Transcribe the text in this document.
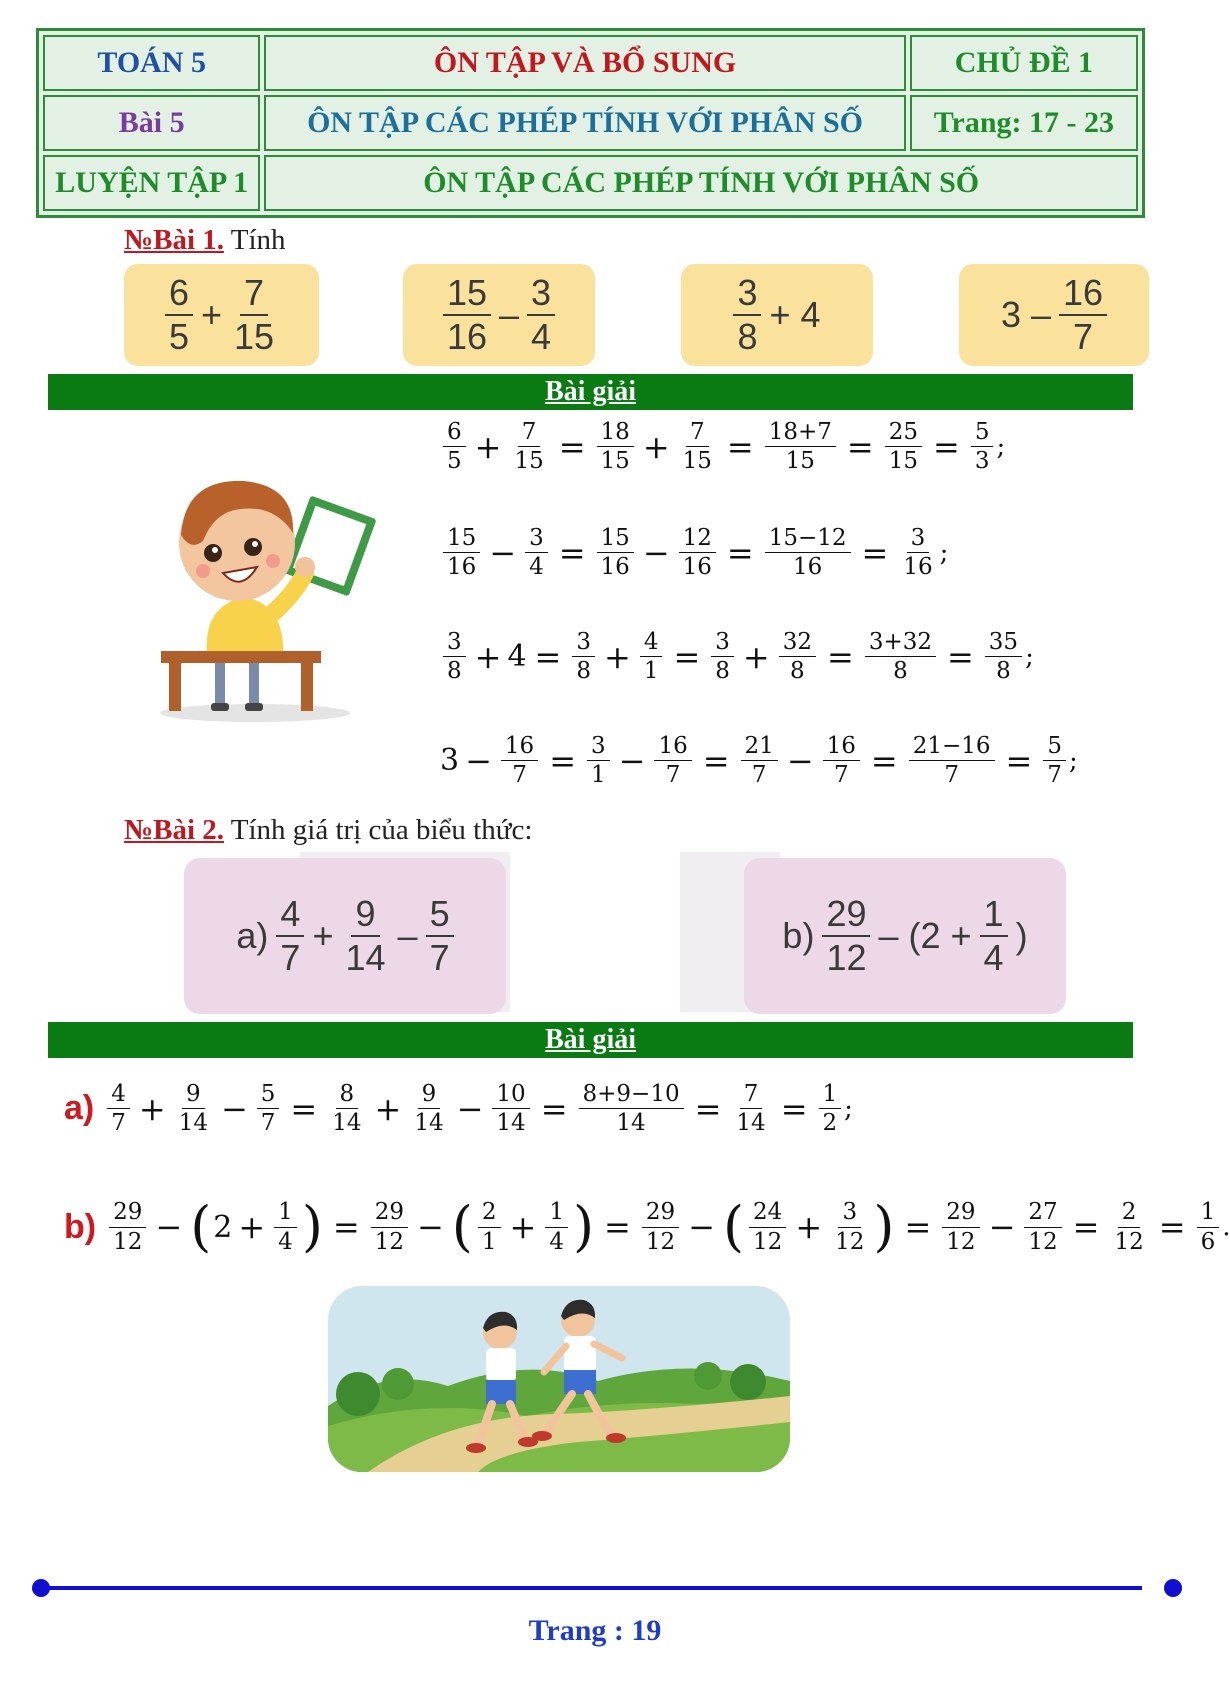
TOÁN 5	ÔN TẬP VÀ BỔ SUNG	CHỦ ĐỀ 1
Bài 5	ÔN TẬP CÁC PHÉP TÍNH VỚI PHÂN SỐ	Trang: 17 - 23
LUYỆN TẬP 1	ÔN TẬP CÁC PHÉP TÍNH VỚI PHÂN SỐ	
№Bài 1. Tính
$\frac{6}{5} + \frac{7}{15}$	$\frac{15}{16} - \frac{3}{4}$	$\frac{3}{8} + 4$	$3 - \frac{16}{7}$
Bài giải
$\frac{6}{5} + \frac{7}{15} = \frac{18}{15} + \frac{7}{15} = \frac{18+7}{15} = \frac{25}{15} = \frac{5}{3}$ ;
$\frac{15}{16} - \frac{3}{4} = \frac{15}{16} - \frac{12}{16} = \frac{15-12}{16} = \frac{3}{16}$ ;
$\frac{3}{8} + 4 = \frac{3}{8} + \frac{4}{1} = \frac{3}{8} + \frac{32}{8} = \frac{3+32}{8} = \frac{35}{8}$ ;
$3 - \frac{16}{7} = \frac{3}{1} - \frac{16}{7} = \frac{21}{7} - \frac{16}{7} = \frac{21-16}{7} = \frac{5}{7}$ ;
№Bài 2. Tính giá trị của biểu thức:
$a) \frac{4}{7} + \frac{9}{14} - \frac{5}{7}$	$b) \frac{29}{12} - (2 + \frac{1}{4}$ )
Bài giải
$a) \frac{4}{7} + \frac{9}{14} - \frac{5}{7} = \frac{8}{14} + \frac{9}{14} - \frac{10}{14} = \frac{8+9-10}{14} = \frac{7}{14} = \frac{1}{2}$ ;
$b) \frac{29}{12}$ − ( $2 + \frac{1}{4}$ ) = $\frac{29}{12}$ − ( $\frac{2}{1} + \frac{1}{4}$ ) = $\frac{29}{12}$ − ( $\frac{24}{12} + \frac{3}{12}$ ) = $\frac{29}{12} - \frac{27}{12} = \frac{2}{12} = \frac{1}{6}$ .
Trang : 19
